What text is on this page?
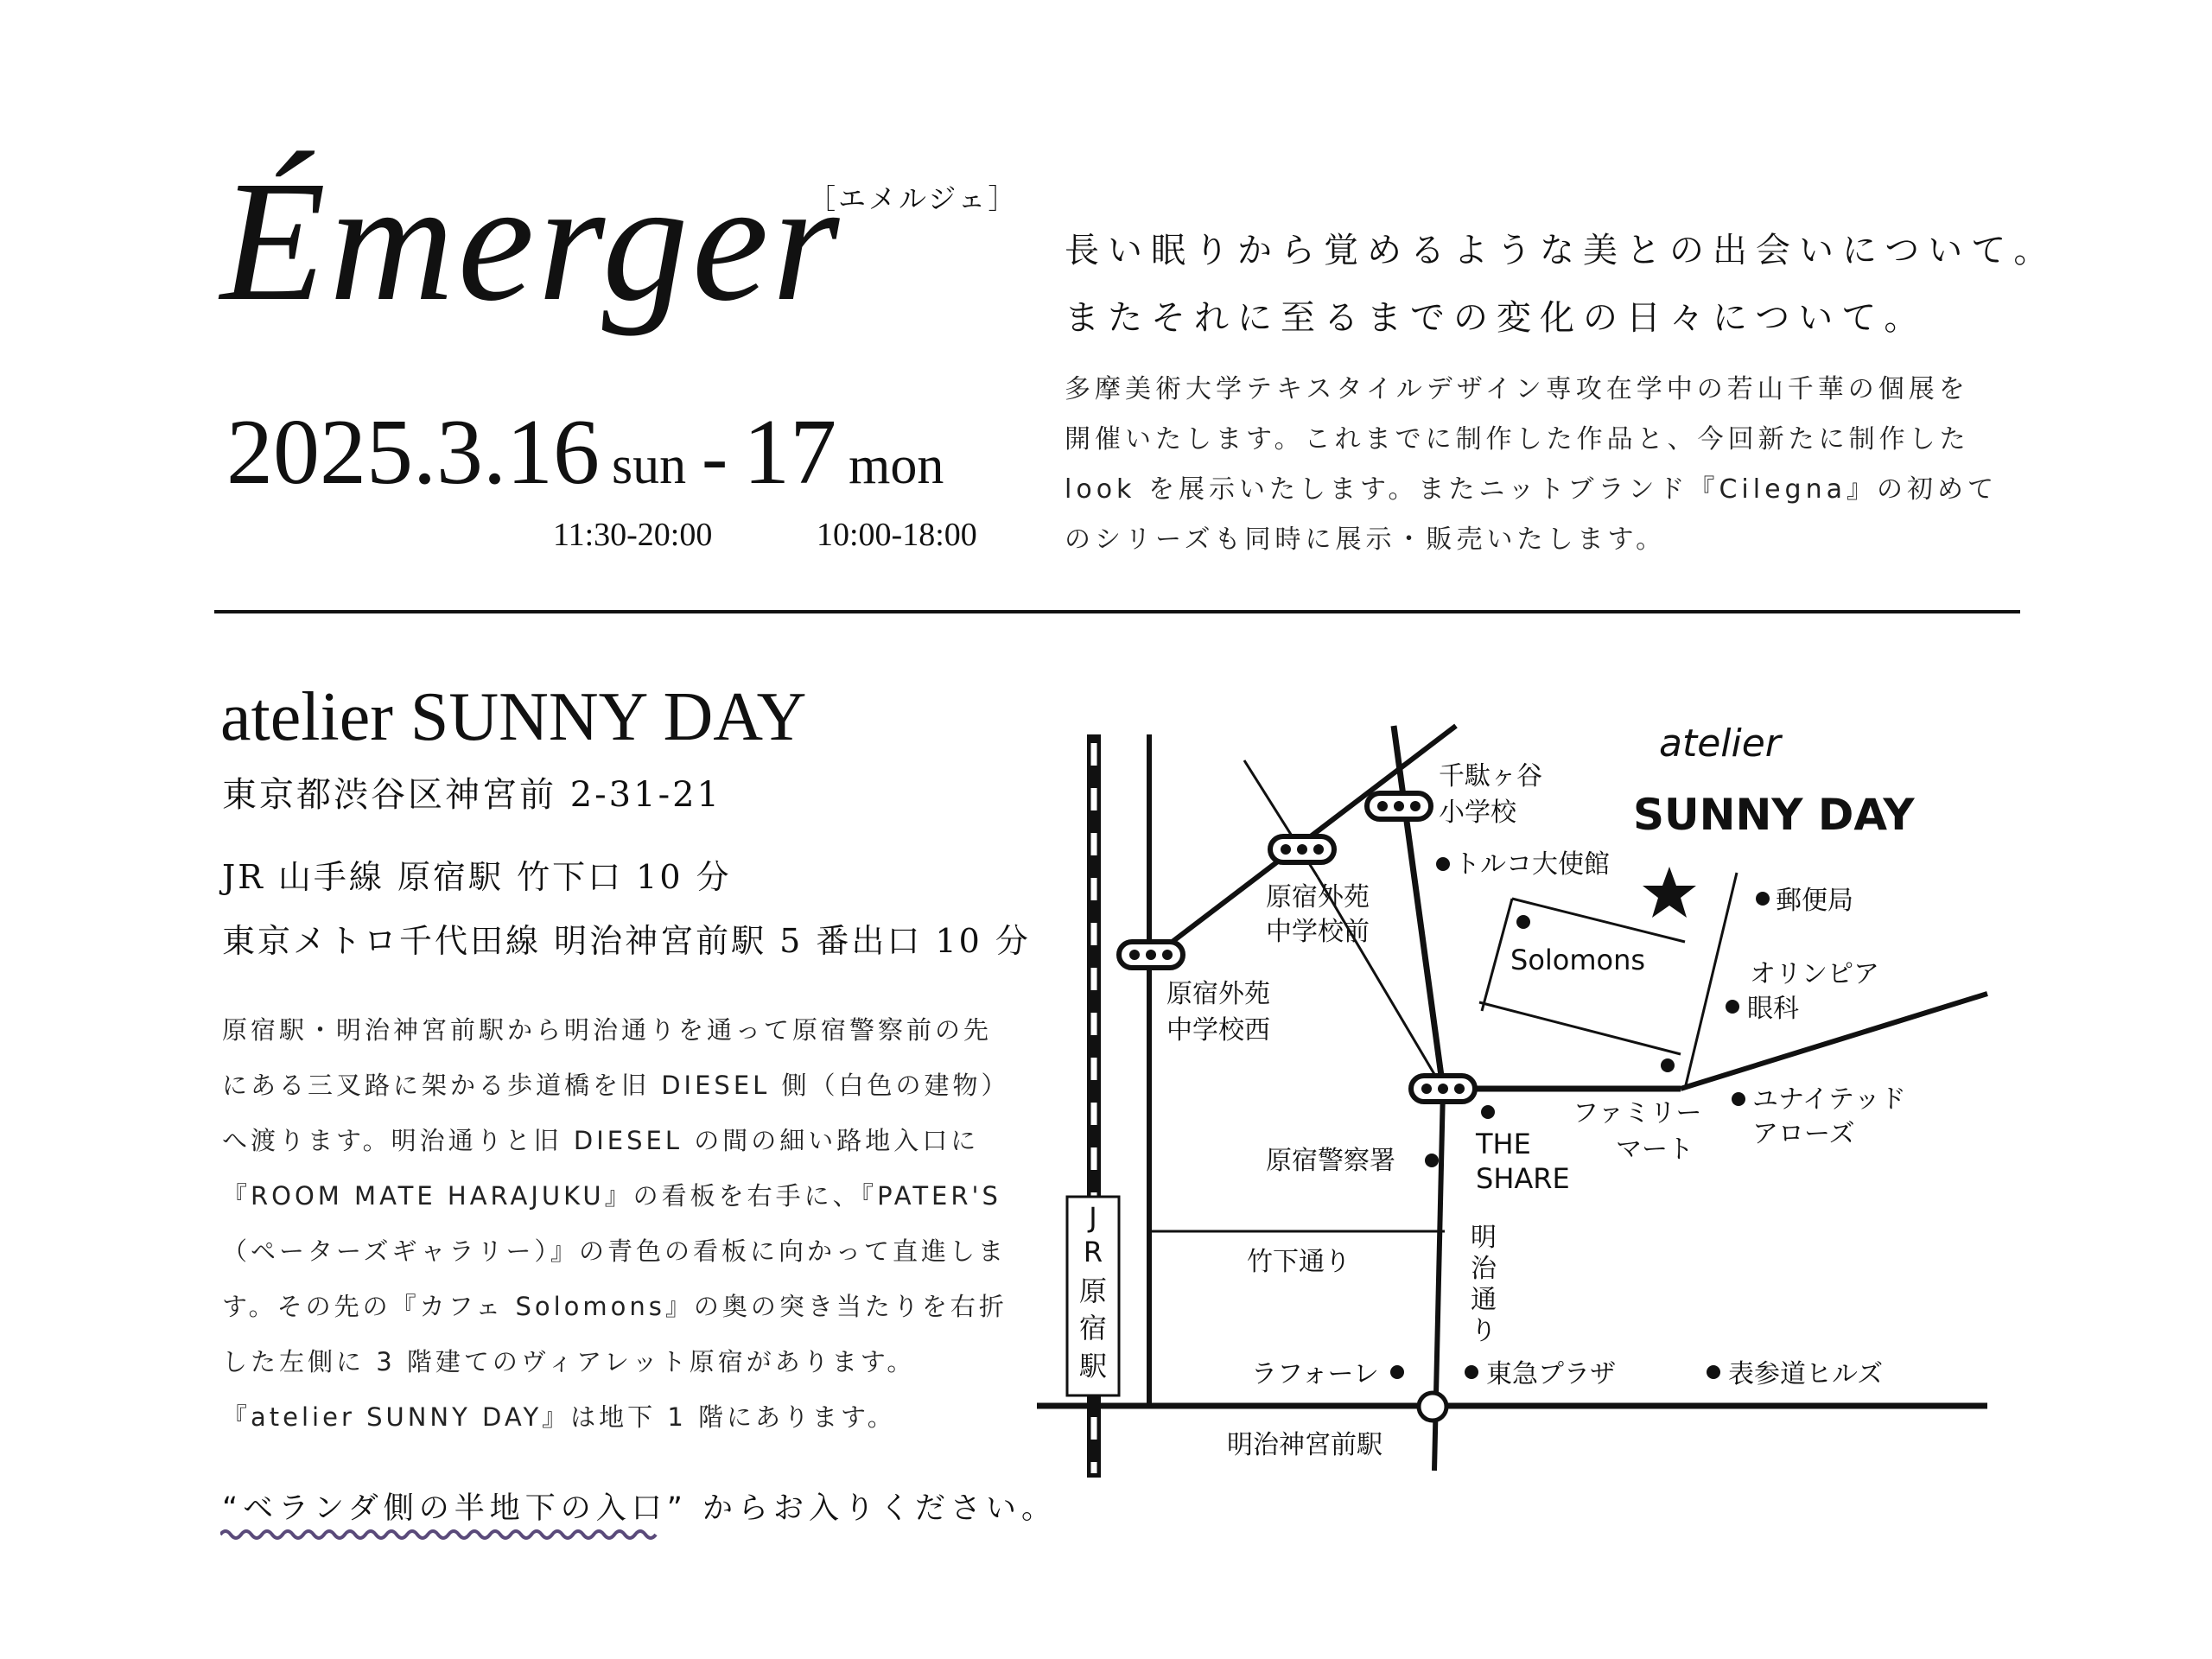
［エメルジェ］
Émerger
2025.3.16 sun - 17 mon
11:30-20:00	10:00-18:00
長い眠りから覚めるような美との出会いについて。
またそれに至るまでの変化の日々について。
多摩美術大学テキスタイルデザイン専攻在学中の若山千華の個展を
開催いたします。これまでに制作した作品と、今回新たに制作した
look を展示いたします。またニットブランド『Cilegna』の初めて
のシリーズも同時に展示・販売いたします。
atelier SUNNY DAY
東京都渋谷区神宮前 2-31-21
JR 山手線 原宿駅 竹下口 10 分
東京メトロ千代田線 明治神宮前駅 5 番出口 10 分
原宿駅・明治神宮前駅から明治通りを通って原宿警察前の先
にある三叉路に架かる歩道橋を旧 DIESEL 側（白色の建物）
へ渡ります。明治通りと旧 DIESEL の間の細い路地入口に
『ROOM MATE HARAJUKU』の看板を右手に、『PATER'S
（ペーターズギャラリー）』の青色の看板に向かって直進しま
す。その先の『カフェ Solomons』の奥の突き当たりを右折
した左側に 3 階建てのヴィアレット原宿があります。
『atelier SUNNY DAY』は地下 1 階にあります。
“ベランダ側の半地下の入口” からお入りください。
J
R
原
宿
駅
atelier
SUNNY DAY
千駄ヶ谷
小学校
トルコ大使館
郵便局
原宿外苑
中学校前
原宿外苑
中学校西
Solomons	オリンピア
眼科
ファミリー
マート
ユナイテッド
アローズ
原宿警察署
THE
SHARE
竹下通り
明
治
通
り
ラフォーレ	東急プラザ	表参道ヒルズ
明治神宮前駅
